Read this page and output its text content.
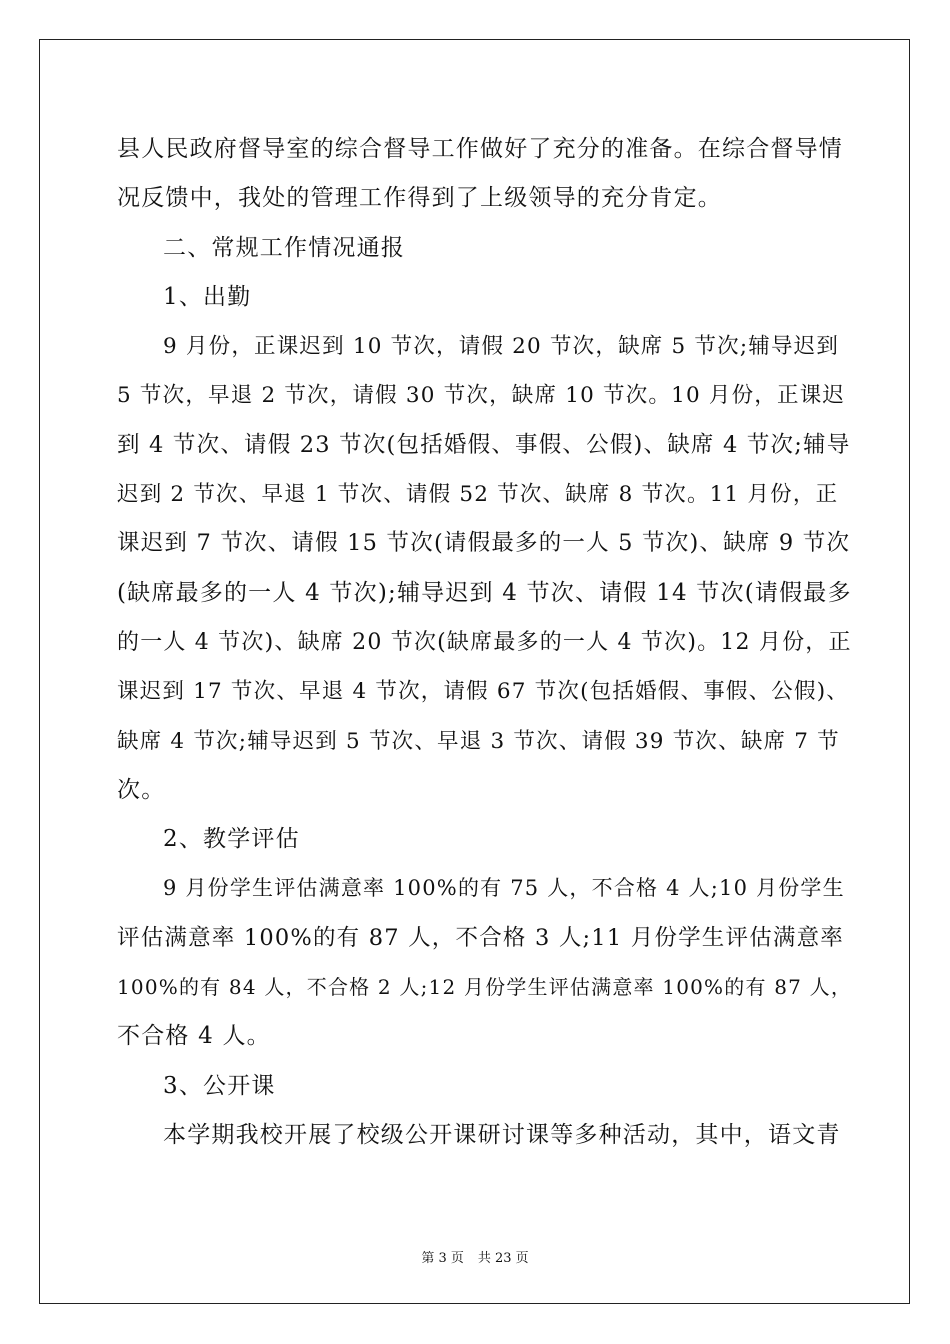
县人民政府督导室的综合督导工作做好了充分的准备。在综合督导情
况反馈中，我处的管理工作得到了上级领导的充分肯定。
二、常规工作情况通报
1、出勤
9 月份，正课迟到 10 节次，请假 20 节次，缺席 5 节次;辅导迟到
5 节次，早退 2 节次，请假 30 节次，缺席 10 节次。10 月份，正课迟
到 4 节次、请假 23 节次(包括婚假、事假、公假)、缺席 4 节次;辅导
迟到 2 节次、早退 1 节次、请假 52 节次、缺席 8 节次。11 月份，正
课迟到 7 节次、请假 15 节次(请假最多的一人 5 节次)、缺席 9 节次
(缺席最多的一人 4 节次);辅导迟到 4 节次、请假 14 节次(请假最多
的一人 4 节次)、缺席 20 节次(缺席最多的一人 4 节次)。12 月份，正
课迟到 17 节次、早退 4 节次，请假 67 节次(包括婚假、事假、公假)、
缺席 4 节次;辅导迟到 5 节次、早退 3 节次、请假 39 节次、缺席 7 节
次。
2、教学评估
9 月份学生评估满意率 100%的有 75 人，不合格 4 人;10 月份学生
评估满意率 100%的有 87 人，不合格 3 人;11 月份学生评估满意率
100%的有 84 人，不合格 2 人;12 月份学生评估满意率 100%的有 87 人，
不合格 4 人。
3、公开课
本学期我校开展了校级公开课研讨课等多种活动，其中，语文青
第 3 页 共 23 页
